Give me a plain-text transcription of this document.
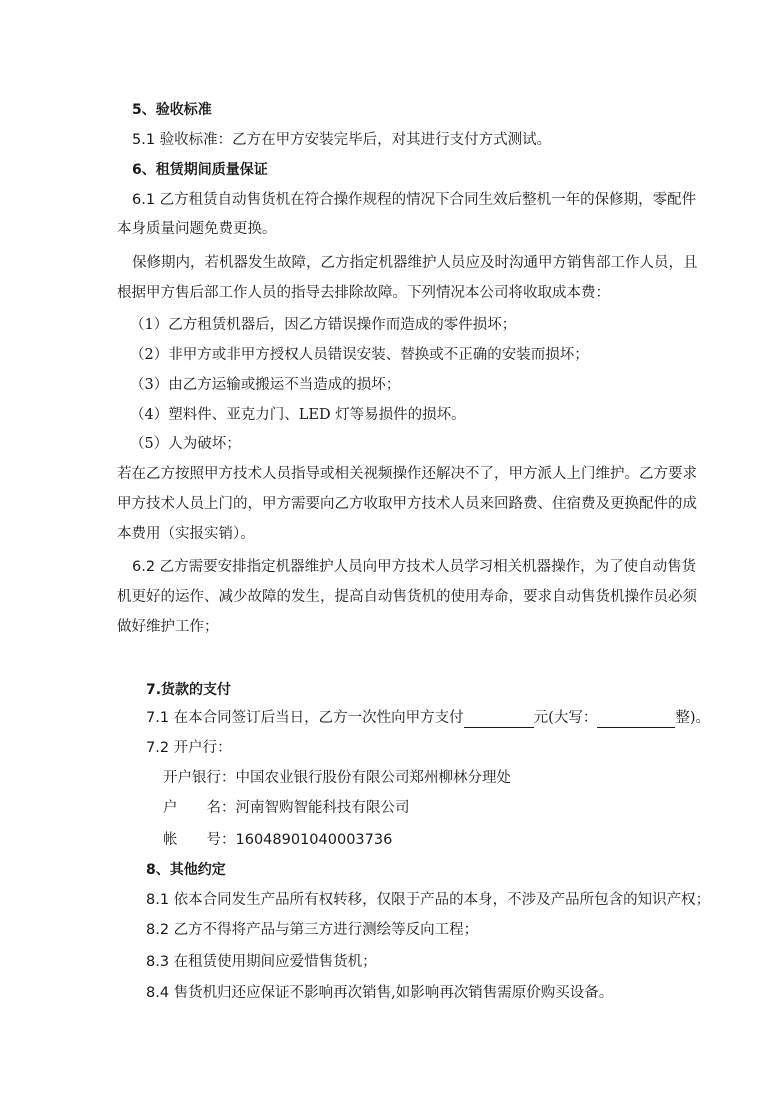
5、验收标准
5.1 验收标准：乙方在甲方安装完毕后，对其进行支付方式测试。
6、租赁期间质量保证
6.1 乙方租赁自动售货机在符合操作规程的情况下合同生效后整机一年的保修期，零配件
本身质量问题免费更换。
保修期内，若机器发生故障，乙方指定机器维护人员应及时沟通甲方销售部工作人员，且
根据甲方售后部工作人员的指导去排除故障。下列情况本公司将收取成本费：
（1）乙方租赁机器后，因乙方错误操作而造成的零件损坏；
（2）非甲方或非甲方授权人员错误安装、替换或不正确的安装而损坏；
（3）由乙方运输或搬运不当造成的损坏；
（4）塑料件、亚克力门、LED 灯等易损件的损坏。
（5）人为破坏；
若在乙方按照甲方技术人员指导或相关视频操作还解决不了，甲方派人上门维护。乙方要求
甲方技术人员上门的，甲方需要向乙方收取甲方技术人员来回路费、住宿费及更换配件的成
本费用（实报实销）。
6.2 乙方需要安排指定机器维护人员向甲方技术人员学习相关机器操作，为了使自动售货
机更好的运作、减少故障的发生，提高自动售货机的使用寿命，要求自动售货机操作员必须
做好维护工作；
7.货款的支付
7.1 在本合同签订后当日，乙方一次性向甲方支付	元(大写：	整)。
7.2 开户行：
开户银行：中国农业银行股份有限公司郑州柳林分理处
户　　名：河南智购智能科技有限公司
帐　　号：16048901040003736
8、其他约定
8.1 依本合同发生产品所有权转移，仅限于产品的本身，不涉及产品所包含的知识产权；
8.2 乙方不得将产品与第三方进行测绘等反向工程；
8.3 在租赁使用期间应爱惜售货机；
8.4 售货机归还应保证不影响再次销售,如影响再次销售需原价购买设备。
